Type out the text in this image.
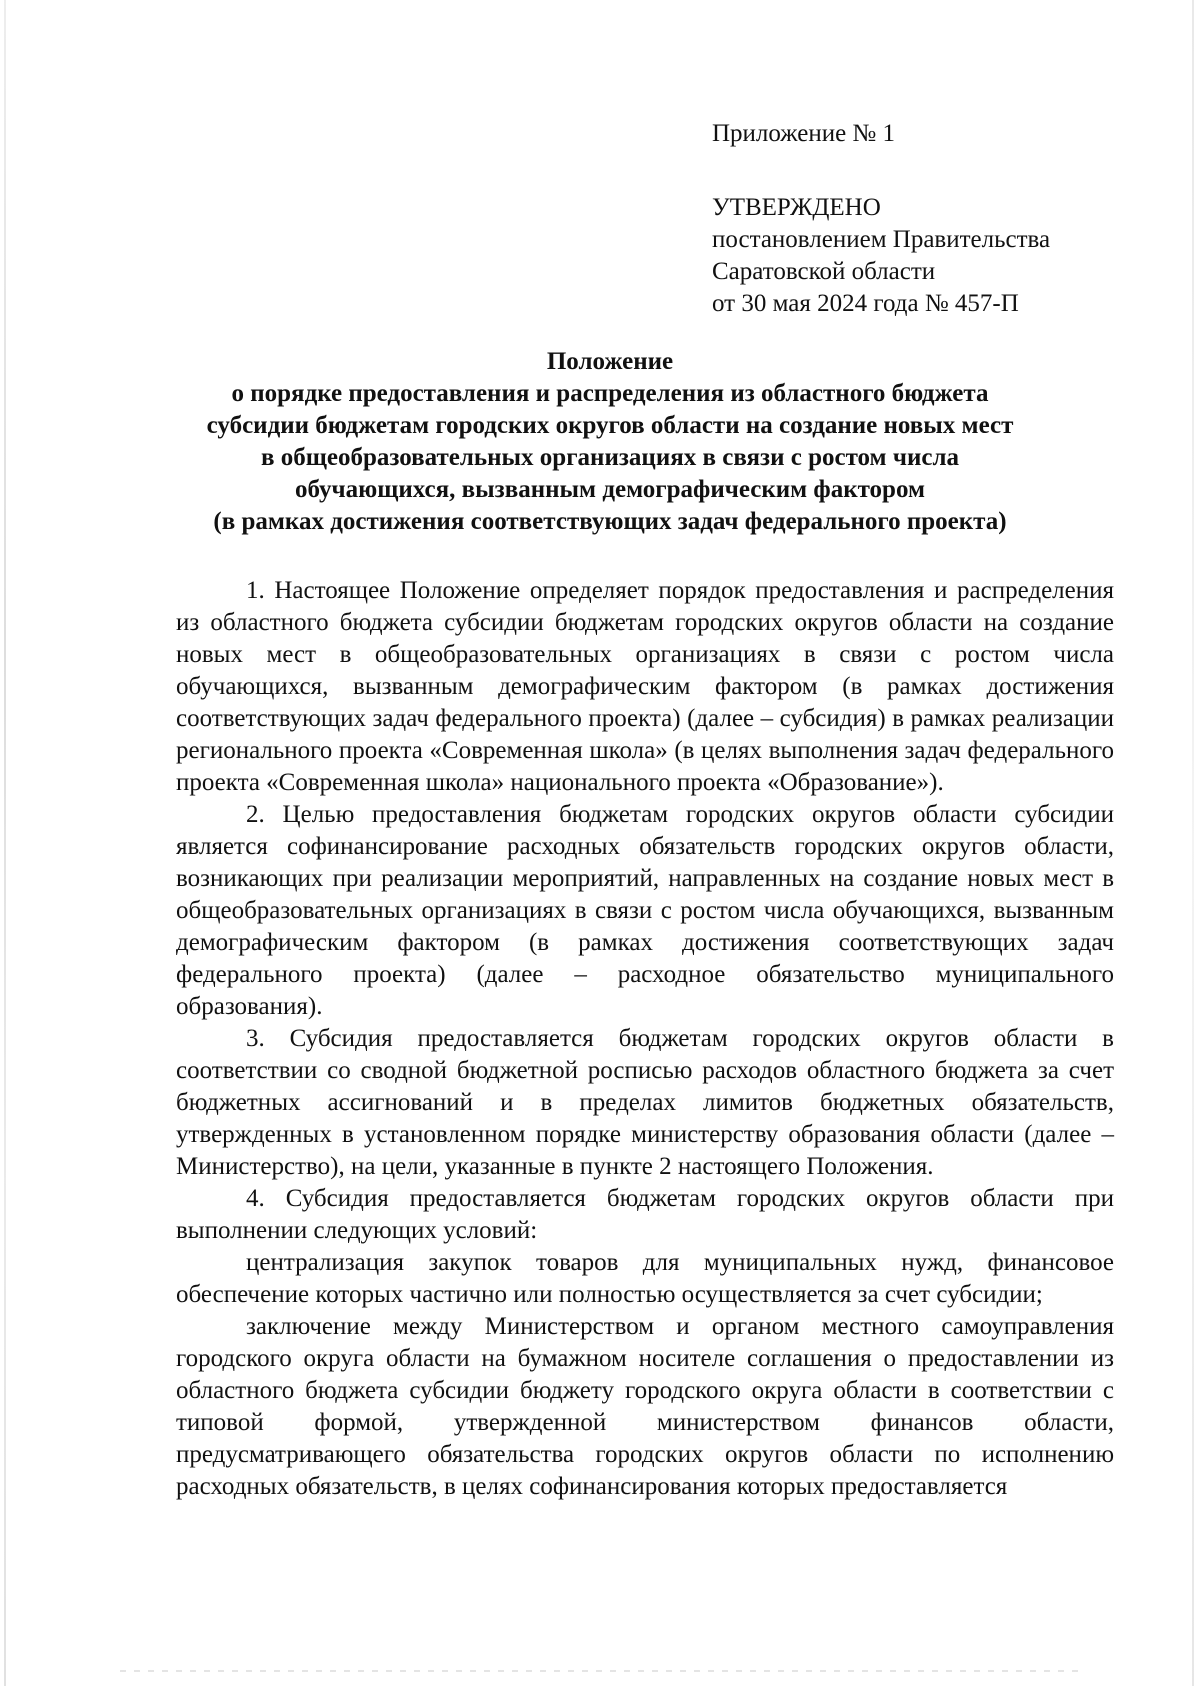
Приложение № 1
УТВЕРЖДЕНО
постановлением Правительства
Саратовской области
от 30 мая 2024 года № 457-П
Положение
о порядке предоставления и распределения из областного бюджета
субсидии бюджетам городских округов области на создание новых мест
в общеобразовательных организациях в связи с ростом числа
обучающихся, вызванным демографическим фактором
(в рамках достижения соответствующих задач федерального проекта)

1. Настоящее Положение определяет порядок предоставления и распределения из областного бюджета субсидии бюджетам городских округов области на создание новых мест в общеобразовательных организациях в связи с ростом числа обучающихся, вызванным демографическим фактором (в рамках достижения соответствующих задач федерального проекта) (далее – субсидия) в рамках реализации регионального проекта «Современная школа» (в целях выполнения задач федерального проекта «Современная школа» национального проекта «Образование»).

2. Целью предоставления бюджетам городских округов области субсидии является софинансирование расходных обязательств городских округов области, возникающих при реализации мероприятий, направленных на создание новых мест в общеобразовательных организациях в связи с ростом числа обучающихся, вызванным демографическим фактором (в рамках достижения соответствующих задач федерального проекта) (далее – расходное обязательство муниципального образования).

3. Субсидия предоставляется бюджетам городских округов области в соответствии со сводной бюджетной росписью расходов областного бюджета за счет бюджетных ассигнований и в пределах лимитов бюджетных обязательств, утвержденных в установленном порядке министерству образования области (далее – Министерство), на цели, указанные в пункте 2 настоящего Положения.

4. Субсидия предоставляется бюджетам городских округов области при выполнении следующих условий:

централизация закупок товаров для муниципальных нужд, финансовое обеспечение которых частично или полностью осуществляется за счет субсидии;

заключение между Министерством и органом местного самоуправления городского округа области на бумажном носителе соглашения о предоставлении из областного бюджета субсидии бюджету городского округа области в соответствии с типовой формой, утвержденной министерством финансов области, предусматривающего обязательства городских округов области по исполнению расходных обязательств, в целях софинансирования которых предоставляется
